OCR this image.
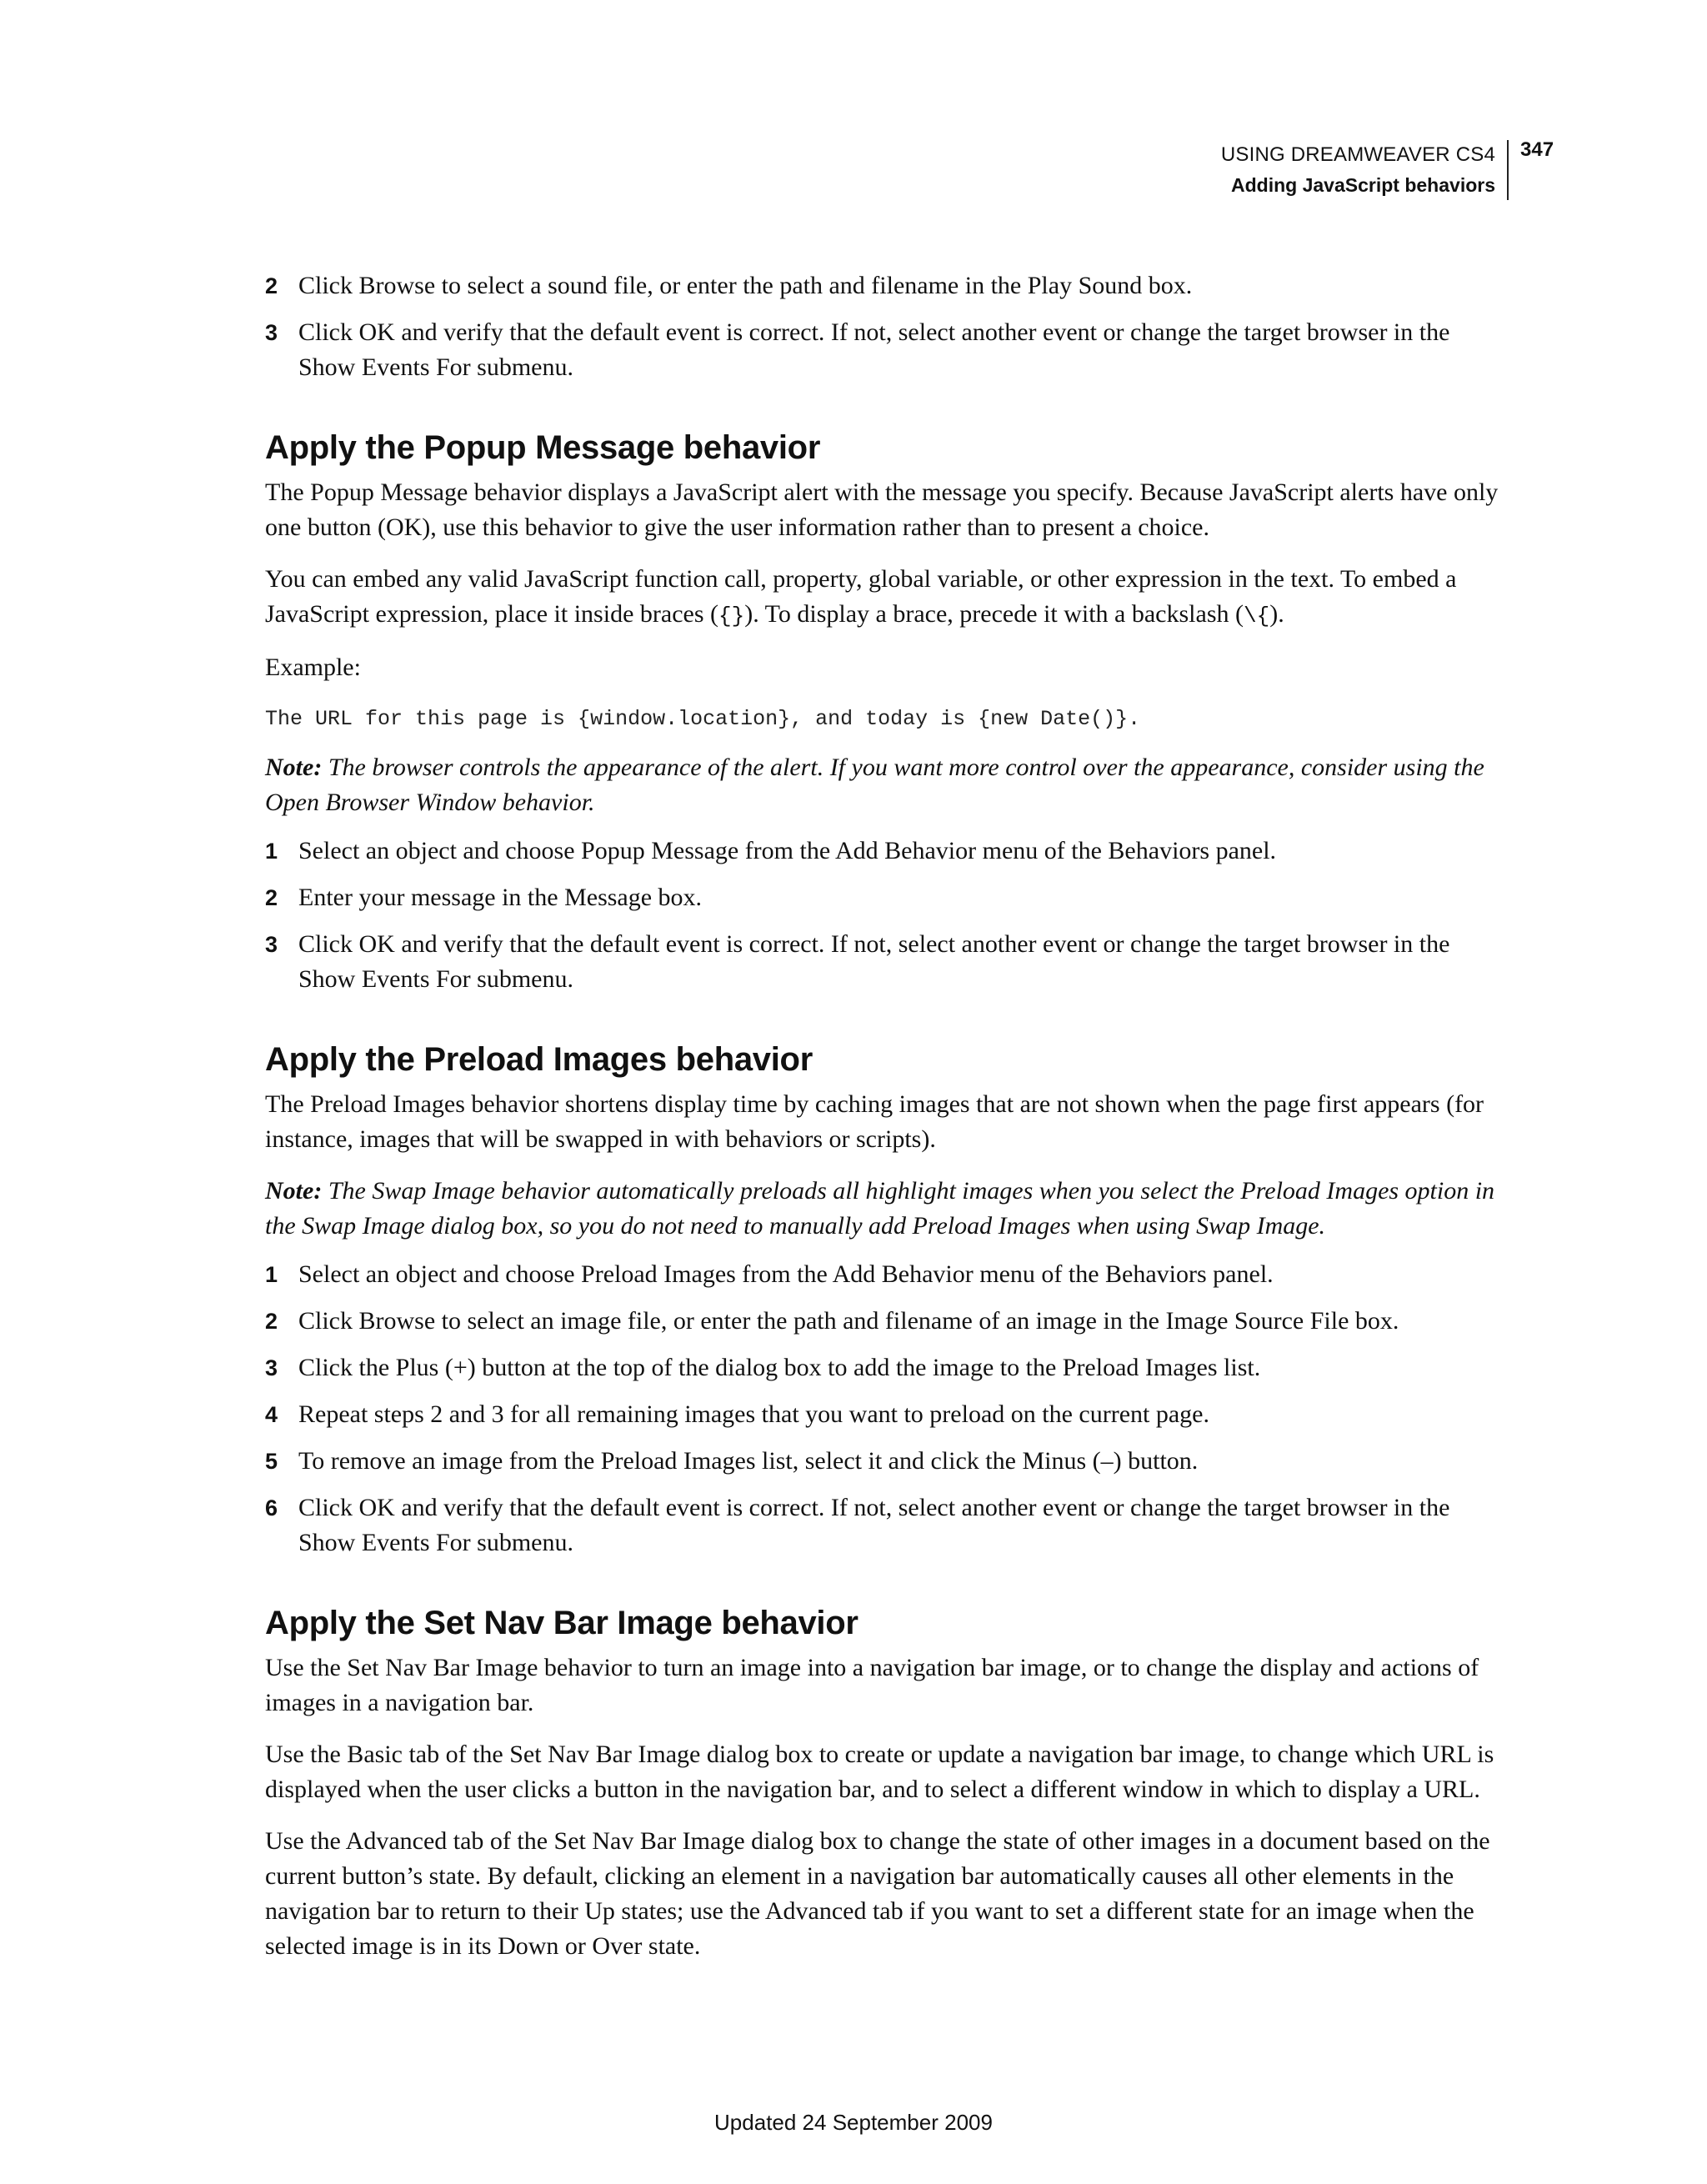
USING DREAMWEAVER CS4
Adding JavaScript behaviors
347
2 Click Browse to select a sound file, or enter the path and filename in the Play Sound box.
3 Click OK and verify that the default event is correct. If not, select another event or change the target browser in the Show Events For submenu.
Apply the Popup Message behavior

The Popup Message behavior displays a JavaScript alert with the message you specify. Because JavaScript alerts have only one button (OK), use this behavior to give the user information rather than to present a choice.

You can embed any valid JavaScript function call, property, global variable, or other expression in the text. To embed a JavaScript expression, place it inside braces ({}). To display a brace, precede it with a backslash (\{).

Example:

The URL for this page is {window.location}, and today is {new Date()}.
Note: The browser controls the appearance of the alert. If you want more control over the appearance, consider using the Open Browser Window behavior.
1 Select an object and choose Popup Message from the Add Behavior menu of the Behaviors panel.
2 Enter your message in the Message box.
3 Click OK and verify that the default event is correct. If not, select another event or change the target browser in the Show Events For submenu.
Apply the Preload Images behavior

The Preload Images behavior shortens display time by caching images that are not shown when the page first appears (for instance, images that will be swapped in with behaviors or scripts).

Note: The Swap Image behavior automatically preloads all highlight images when you select the Preload Images option in the Swap Image dialog box, so you do not need to manually add Preload Images when using Swap Image.
1 Select an object and choose Preload Images from the Add Behavior menu of the Behaviors panel.
2 Click Browse to select an image file, or enter the path and filename of an image in the Image Source File box.
3 Click the Plus (+) button at the top of the dialog box to add the image to the Preload Images list.
4 Repeat steps 2 and 3 for all remaining images that you want to preload on the current page.
5 To remove an image from the Preload Images list, select it and click the Minus (–) button.
6 Click OK and verify that the default event is correct. If not, select another event or change the target browser in the Show Events For submenu.
Apply the Set Nav Bar Image behavior

Use the Set Nav Bar Image behavior to turn an image into a navigation bar image, or to change the display and actions of images in a navigation bar.

Use the Basic tab of the Set Nav Bar Image dialog box to create or update a navigation bar image, to change which URL is displayed when the user clicks a button in the navigation bar, and to select a different window in which to display a URL.

Use the Advanced tab of the Set Nav Bar Image dialog box to change the state of other images in a document based on the current button’s state. By default, clicking an element in a navigation bar automatically causes all other elements in the navigation bar to return to their Up states; use the Advanced tab if you want to set a different state for an image when the selected image is in its Down or Over state.

Updated 24 September 2009
